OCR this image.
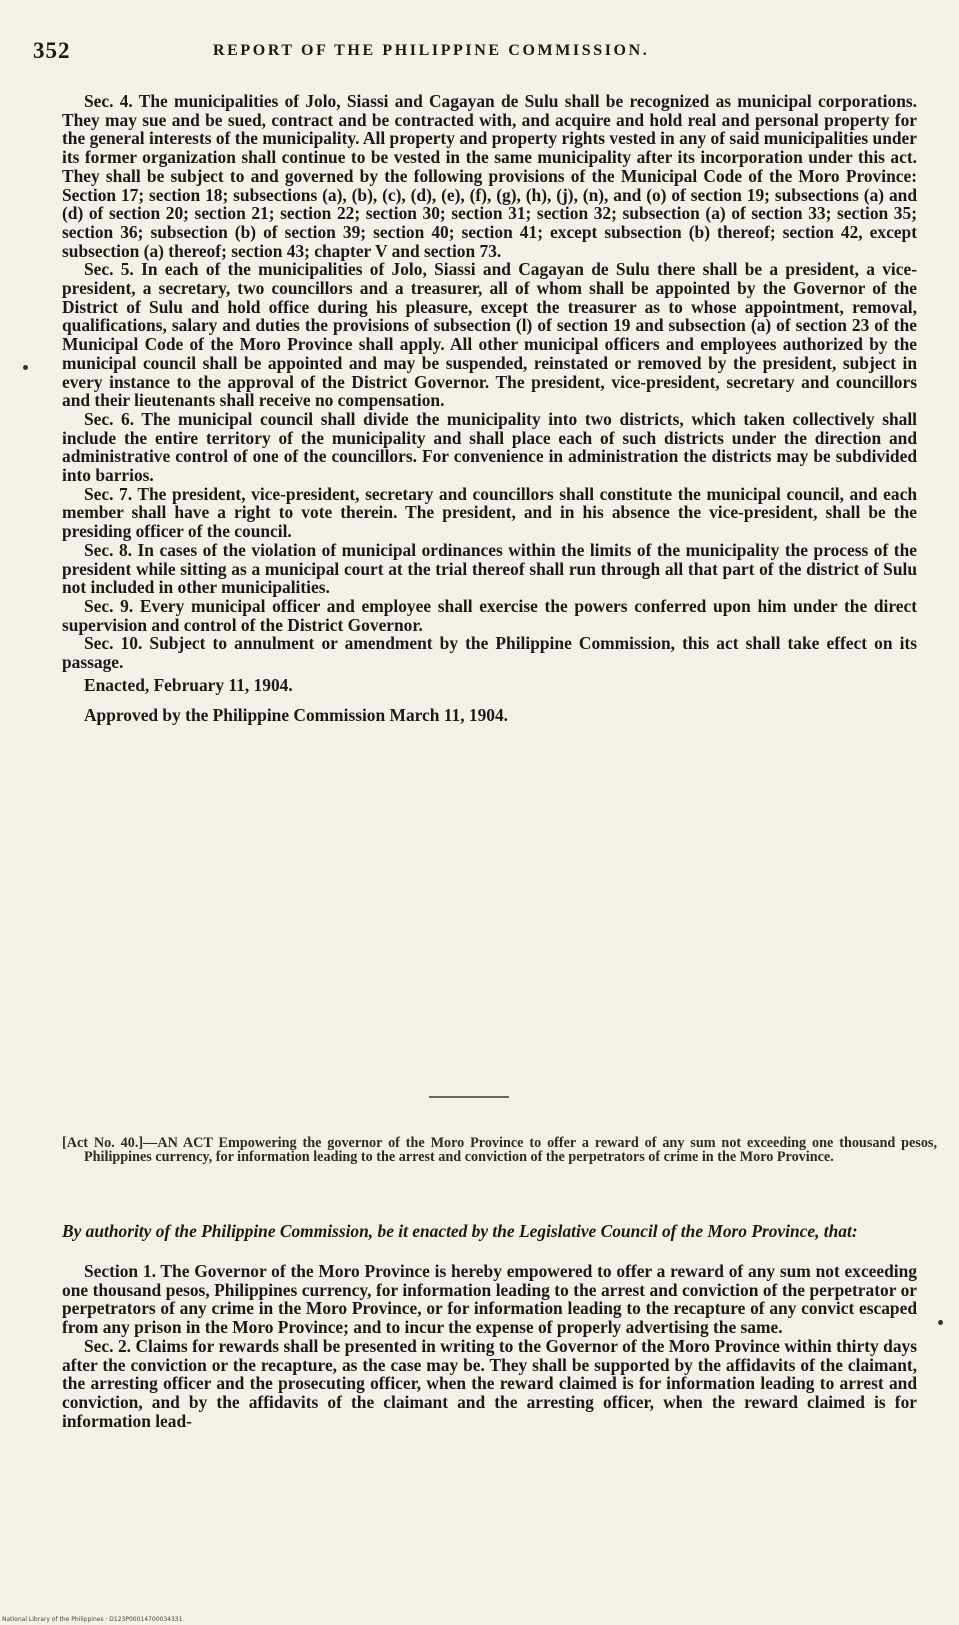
352	REPORT OF THE PHILIPPINE COMMISSION.

Sec. 4. The municipalities of Jolo, Siassi and Cagayan de Sulu shall be recognized as municipal corporations. They may sue and be sued, contract and be contracted with, and acquire and hold real and personal property for the general interests of the municipality. All property and property rights vested in any of said municipalities under its former organization shall continue to be vested in the same municipality after its incorporation under this act. They shall be subject to and governed by the following provisions of the Municipal Code of the Moro Province: Section 17; section 18; subsections (a), (b), (c), (d), (e), (f), (g), (h), (j), (n), and (o) of section 19; subsections (a) and (d) of section 20; section 21; section 22; section 30; section 31; section 32; subsection (a) of section 33; section 35; section 36; subsection (b) of section 39; section 40; section 41; except subsection (b) thereof; section 42, except subsection (a) thereof; section 43; chapter V and section 73.

Sec. 5. In each of the municipalities of Jolo, Siassi and Cagayan de Sulu there shall be a president, a vice-president, a secretary, two councillors and a treasurer, all of whom shall be appointed by the Governor of the District of Sulu and hold office during his pleasure, except the treasurer as to whose appointment, removal, qualifications, salary and duties the provisions of subsection (l) of section 19 and subsection (a) of section 23 of the Municipal Code of the Moro Province shall apply. All other municipal officers and employees authorized by the municipal council shall be appointed and may be suspended, reinstated or removed by the president, subject in every instance to the approval of the District Governor. The president, vice-president, secretary and councillors and their lieutenants shall receive no compensation.

Sec. 6. The municipal council shall divide the municipality into two districts, which taken collectively shall include the entire territory of the municipality and shall place each of such districts under the direction and administrative control of one of the councillors. For convenience in administration the districts may be subdivided into barrios.

Sec. 7. The president, vice-president, secretary and councillors shall constitute the municipal council, and each member shall have a right to vote therein. The president, and in his absence the vice-president, shall be the presiding officer of the council.

Sec. 8. In cases of the violation of municipal ordinances within the limits of the municipality the process of the president while sitting as a municipal court at the trial thereof shall run through all that part of the district of Sulu not included in other municipalities.

Sec. 9. Every municipal officer and employee shall exercise the powers conferred upon him under the direct supervision and control of the District Governor.

Sec. 10. Subject to annulment or amendment by the Philippine Commission, this act shall take effect on its passage.

Enacted, February 11, 1904.

Approved by the Philippine Commission March 11, 1904.

[Act No. 40.]—AN ACT Empowering the governor of the Moro Province to offer a reward of any sum not exceeding one thousand pesos, Philippines currency, for information leading to the arrest and conviction of the perpetrators of crime in the Moro Province.

By authority of the Philippine Commission, be it enacted by the Legislative Council of the Moro Province, that:

Section 1. The Governor of the Moro Province is hereby empowered to offer a reward of any sum not exceeding one thousand pesos, Philippines currency, for information leading to the arrest and conviction of the perpetrator or perpetrators of any crime in the Moro Province, or for information leading to the recapture of any convict escaped from any prison in the Moro Province; and to incur the expense of properly advertising the same.

Sec. 2. Claims for rewards shall be presented in writing to the Governor of the Moro Province within thirty days after the conviction or the recapture, as the case may be. They shall be supported by the affidavits of the claimant, the arresting officer and the prosecuting officer, when the reward claimed is for information leading to arrest and conviction, and by the affidavits of the claimant and the arresting officer, when the reward claimed is for information lead-

National Library of the Philippines · D123P00014700034331
